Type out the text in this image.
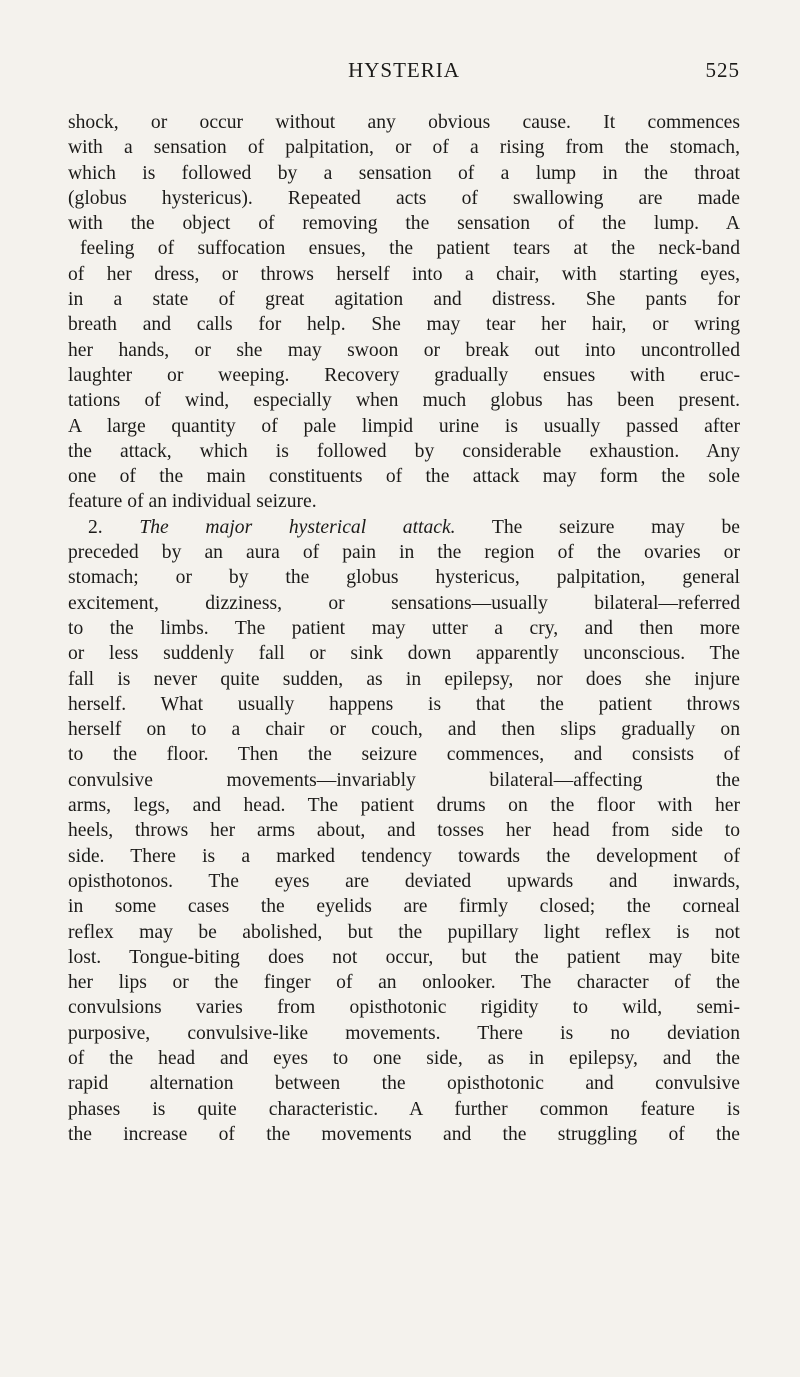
HYSTERIA	525
shock, or occur without any obvious cause. It commences
with a sensation of palpitation, or of a rising from the stomach,
which is followed by a sensation of a lump in the throat
(globus hystericus). Repeated acts of swallowing are made
with the object of removing the sensation of the lump. A
feeling of suffocation ensues, the patient tears at the neck-band
of her dress, or throws herself into a chair, with starting eyes,
in a state of great agitation and distress. She pants for
breath and calls for help. She may tear her hair, or wring
her hands, or she may swoon or break out into uncontrolled
laughter or weeping. Recovery gradually ensues with eruc-
tations of wind, especially when much globus has been present.
A large quantity of pale limpid urine is usually passed after
the attack, which is followed by considerable exhaustion. Any
one of the main constituents of the attack may form the sole
feature of an individual seizure.
2. The major hysterical attack. The seizure may be
preceded by an aura of pain in the region of the ovaries or
stomach; or by the globus hystericus, palpitation, general
excitement, dizziness, or sensations—usually bilateral—referred
to the limbs. The patient may utter a cry, and then more
or less suddenly fall or sink down apparently unconscious. The
fall is never quite sudden, as in epilepsy, nor does she injure
herself. What usually happens is that the patient throws
herself on to a chair or couch, and then slips gradually on
to the floor. Then the seizure commences, and consists of
convulsive movements—invariably bilateral—affecting the
arms, legs, and head. The patient drums on the floor with her
heels, throws her arms about, and tosses her head from side to
side. There is a marked tendency towards the development of
opisthotonos. The eyes are deviated upwards and inwards,
in some cases the eyelids are firmly closed; the corneal
reflex may be abolished, but the pupillary light reflex is not
lost. Tongue-biting does not occur, but the patient may bite
her lips or the finger of an onlooker. The character of the
convulsions varies from opisthotonic rigidity to wild, semi-
purposive, convulsive-like movements. There is no deviation
of the head and eyes to one side, as in epilepsy, and the
rapid alternation between the opisthotonic and convulsive
phases is quite characteristic. A further common feature is
the increase of the movements and the struggling of the
